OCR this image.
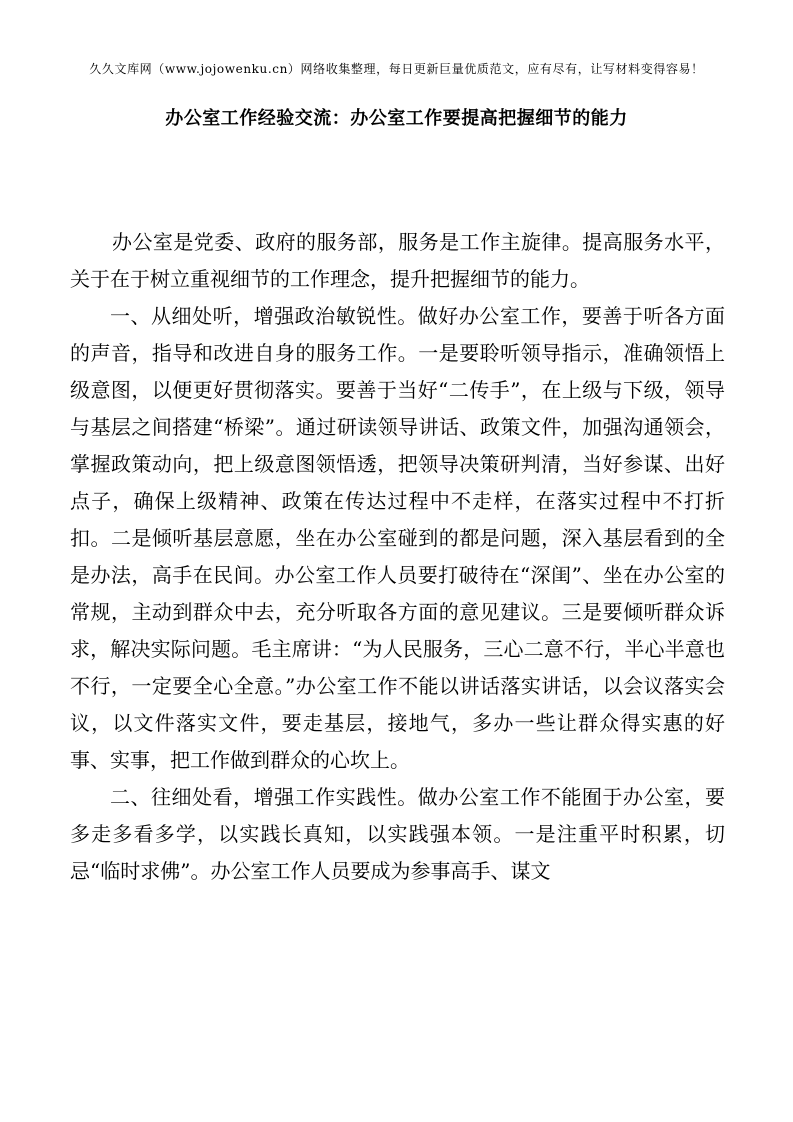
久久文库网（www.jojowenku.cn）网络收集整理，每日更新巨量优质范文，应有尽有，让写材料变得容易！
办公室工作经验交流：办公室工作要提高把握细节的能力

办公室是党委、政府的服务部，服务是工作主旋律。提高服务水平，关于在于树立重视细节的工作理念，提升把握细节的能力。

一、从细处听，增强政治敏锐性。做好办公室工作，要善于听各方面的声音，指导和改进自身的服务工作。一是要聆听领导指示，准确领悟上级意图，以便更好贯彻落实。要善于当好“二传手”，在上级与下级，领导与基层之间搭建“桥梁”。通过研读领导讲话、政策文件，加强沟通领会，掌握政策动向，把上级意图领悟透，把领导决策研判清，当好参谋、出好点子，确保上级精神、政策在传达过程中不走样，在落实过程中不打折扣。二是倾听基层意愿，坐在办公室碰到的都是问题，深入基层看到的全是办法，高手在民间。办公室工作人员要打破待在“深闺”、坐在办公室的常规，主动到群众中去，充分听取各方面的意见建议。三是要倾听群众诉求，解决实际问题。毛主席讲：“为人民服务，三心二意不行，半心半意也不行，一定要全心全意。”办公室工作不能以讲话落实讲话，以会议落实会议，以文件落实文件，要走基层，接地气，多办一些让群众得实惠的好事、实事，把工作做到群众的心坎上。

二、往细处看，增强工作实践性。做办公室工作不能囿于办公室，要多走多看多学，以实践长真知，以实践强本领。一是注重平时积累，切忌“临时求佛”。办公室工作人员要成为参事高手、谋文
